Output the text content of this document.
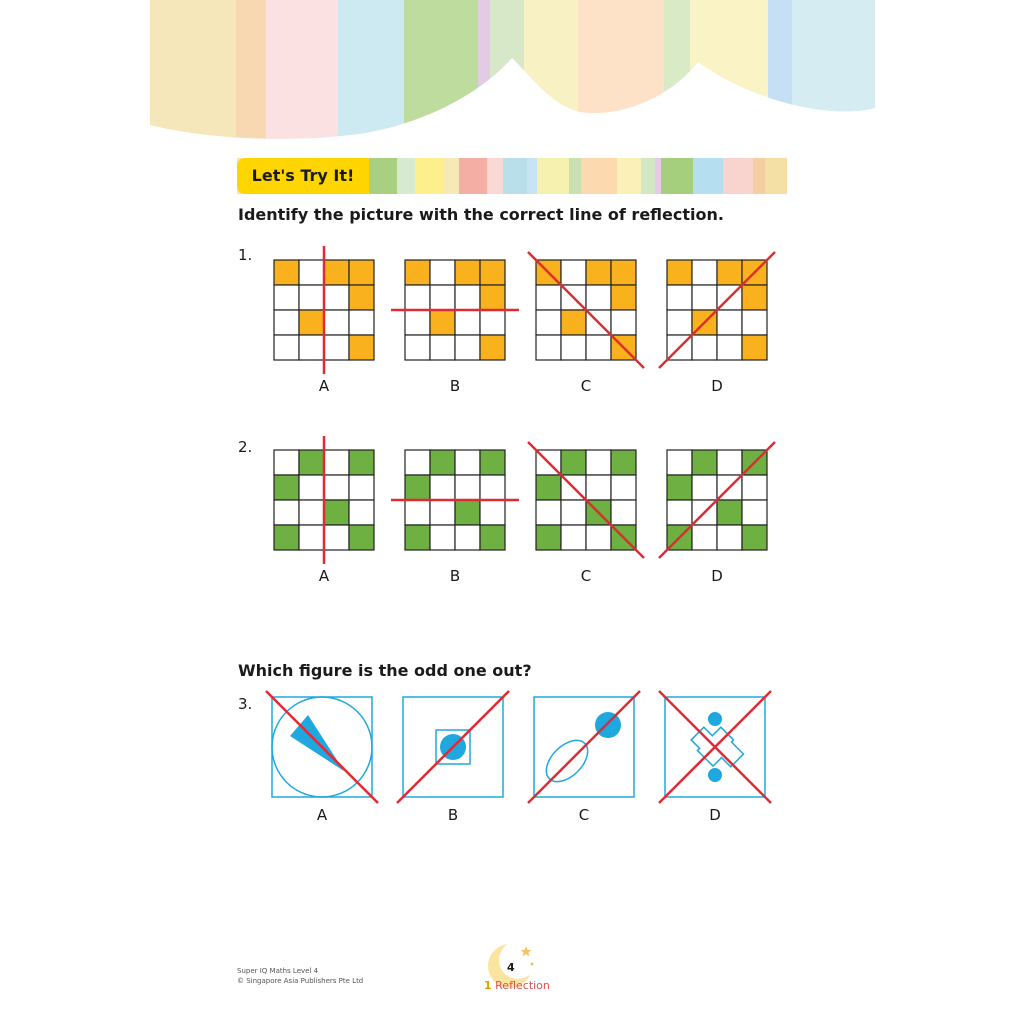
Let's Try It!
Identify the picture with the correct line of reflection.
1.
A	B	C	D
2.
A	B	C	D
Which figure is the odd one out?
3.
A	B	C	D
Super IQ Maths Level 4
© Singapore Asia Publishers Pte Ltd
4
1 Reflection
